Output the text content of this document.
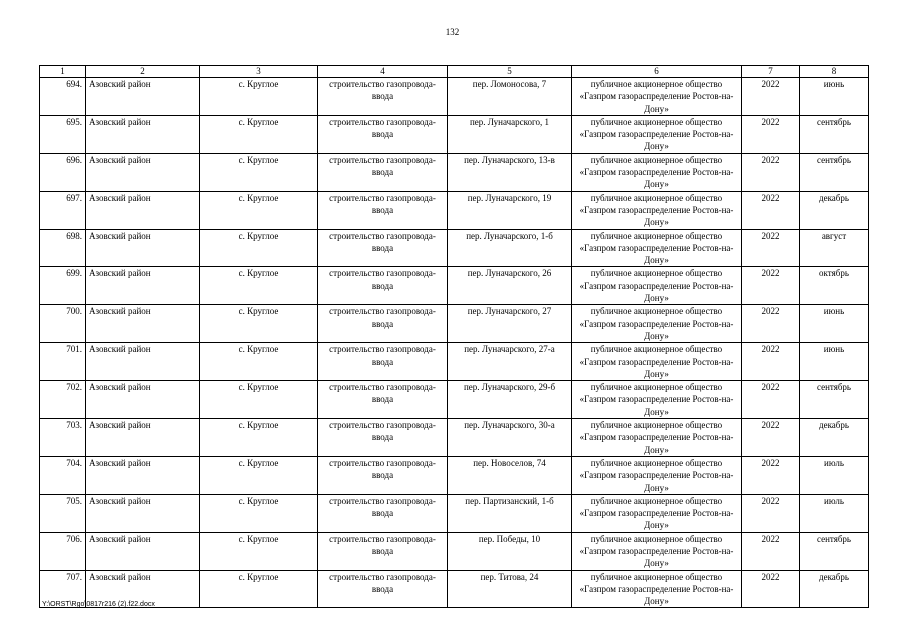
132
1	2	3	4	5	6	7	8
694.	Азовский район	с. Круглое	строительство газопровода-ввода	пер. Ломоносова, 7	публичное акционерное общество «Газпром газораспределение Ростов-на-Дону»	2022	июнь
695.	Азовский район	с. Круглое	строительство газопровода-ввода	пер. Луначарского, 1	публичное акционерное общество «Газпром газораспределение Ростов-на-Дону»	2022	сентябрь
696.	Азовский район	с. Круглое	строительство газопровода-ввода	пер. Луначарского, 13-в	публичное акционерное общество «Газпром газораспределение Ростов-на-Дону»	2022	сентябрь
697.	Азовский район	с. Круглое	строительство газопровода-ввода	пер. Луначарского, 19	публичное акционерное общество «Газпром газораспределение Ростов-на-Дону»	2022	декабрь
698.	Азовский район	с. Круглое	строительство газопровода-ввода	пер. Луначарского, 1-б	публичное акционерное общество «Газпром газораспределение Ростов-на-Дону»	2022	август
699.	Азовский район	с. Круглое	строительство газопровода-ввода	пер. Луначарского, 26	публичное акционерное общество «Газпром газораспределение Ростов-на-Дону»	2022	октябрь
700.	Азовский район	с. Круглое	строительство газопровода-ввода	пер. Луначарского, 27	публичное акционерное общество «Газпром газораспределение Ростов-на-Дону»	2022	июнь
701.	Азовский район	с. Круглое	строительство газопровода-ввода	пер. Луначарского, 27-а	публичное акционерное общество «Газпром газораспределение Ростов-на-Дону»	2022	июнь
702.	Азовский район	с. Круглое	строительство газопровода-ввода	пер. Луначарского, 29-б	публичное акционерное общество «Газпром газораспределение Ростов-на-Дону»	2022	сентябрь
703.	Азовский район	с. Круглое	строительство газопровода-ввода	пер. Луначарского, 30-а	публичное акционерное общество «Газпром газораспределение Ростов-на-Дону»	2022	декабрь
704.	Азовский район	с. Круглое	строительство газопровода-ввода	пер. Новоселов, 74	публичное акционерное общество «Газпром газораспределение Ростов-на-Дону»	2022	июль
705.	Азовский район	с. Круглое	строительство газопровода-ввода	пер. Партизанский, 1-б	публичное акционерное общество «Газпром газораспределение Ростов-на-Дону»	2022	июль
706.	Азовский район	с. Круглое	строительство газопровода-ввода	пер. Победы, 10	публичное акционерное общество «Газпром газораспределение Ростов-на-Дону»	2022	сентябрь
707.	Азовский район	с. Круглое	строительство газопровода-ввода	пер. Титова, 24	публичное акционерное общество «Газпром газораспределение Ростов-на-Дону»	2022	декабрь
Y:\ORST\Rgo\0817r216 (2).f22.docx
